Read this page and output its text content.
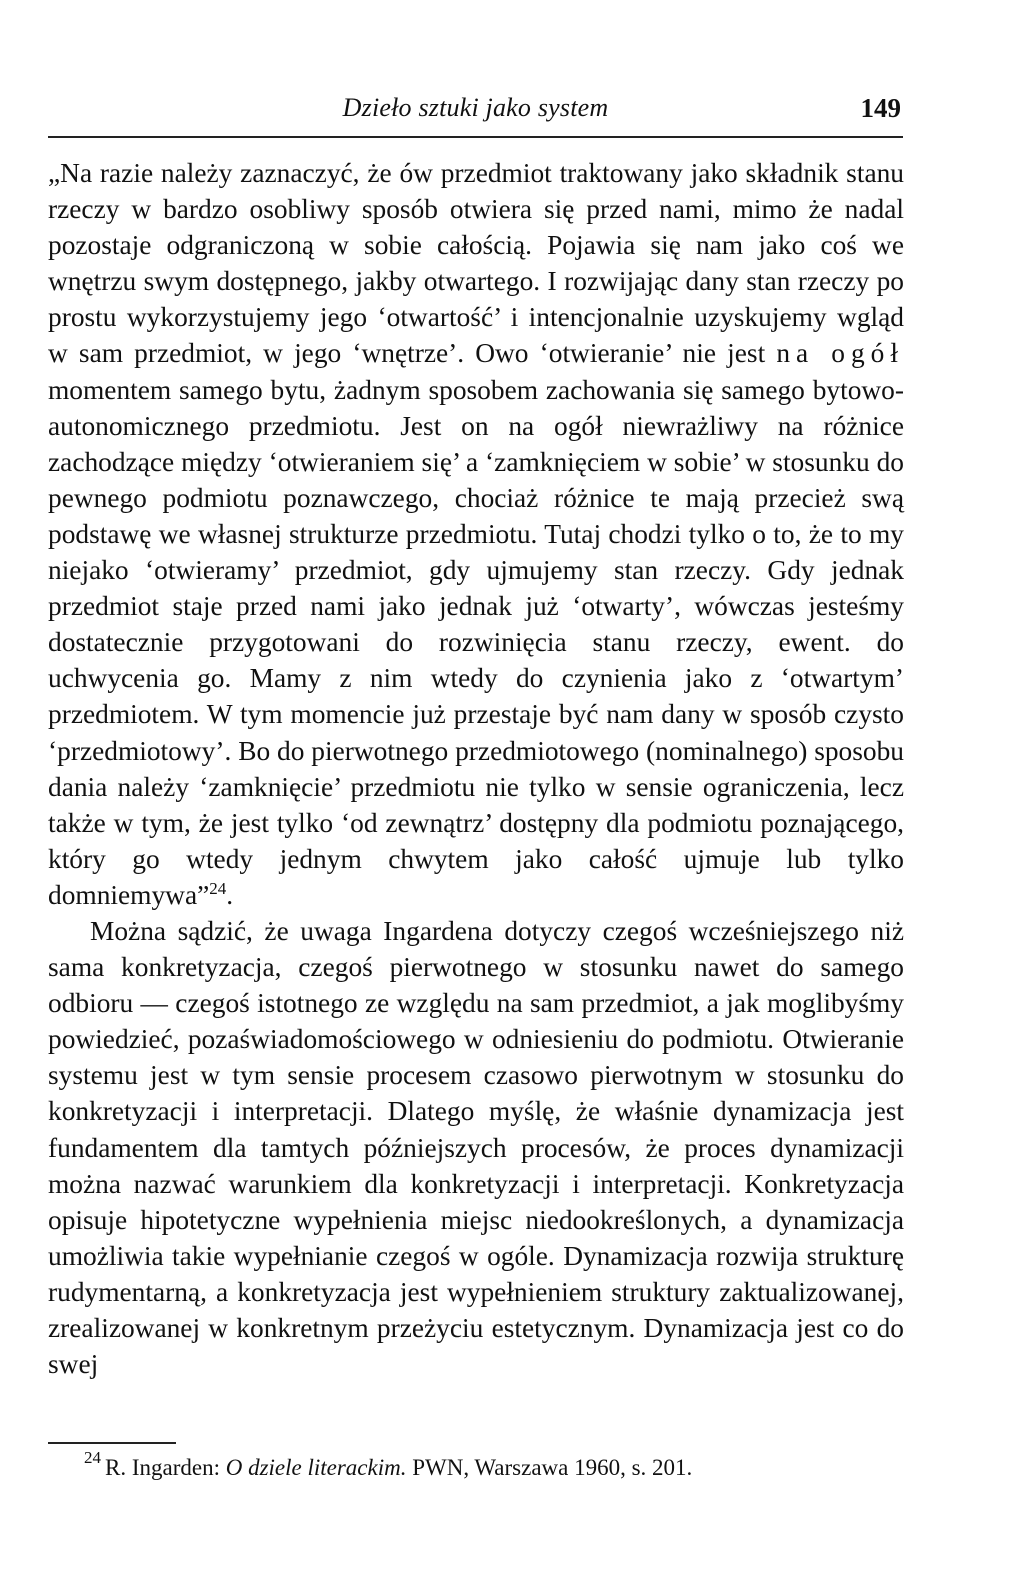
Dzieło sztuki jako system	149

„Na razie należy zaznaczyć, że ów przedmiot traktowany jako składnik stanu rzeczy w bardzo osobliwy sposób otwiera się przed nami, mimo że nadal pozostaje odgraniczoną w sobie całością. Pojawia się nam jako coś we wnętrzu swym dostępnego, jakby otwartego. I rozwijając dany stan rzeczy po prostu wykorzystujemy jego ‘otwartość’ i intencjonalnie uzyskujemy wgląd w sam przedmiot, w jego ‘wnętrze’. Owo ‘otwieranie’ nie jest na ogół momentem samego bytu, żadnym sposobem zachowania się samego bytowo-autonomicznego przedmiotu. Jest on na ogół niewrażliwy na różnice zachodzące między ‘otwieraniem się’ a ‘zamknięciem w sobie’ w stosunku do pewnego podmiotu poznawczego, chociaż różnice te mają przecież swą podstawę we własnej strukturze przedmiotu. Tutaj chodzi tylko o to, że to my niejako ‘otwieramy’ przedmiot, gdy ujmujemy stan rzeczy. Gdy jednak przedmiot staje przed nami jako jednak już ‘otwarty’, wówczas jesteśmy dostatecznie przygotowani do rozwinięcia stanu rzeczy, ewent. do uchwycenia go. Mamy z nim wtedy do czynienia jako z ‘otwartym’ przedmiotem. W tym momencie już przestaje być nam dany w sposób czysto ‘przedmiotowy’. Bo do pierwotnego przedmiotowego (nominalnego) sposobu dania należy ‘zamknięcie’ przedmiotu nie tylko w sensie ograniczenia, lecz także w tym, że jest tylko ‘od zewnątrz’ dostępny dla podmiotu poznającego, który go wtedy jednym chwytem jako całość ujmuje lub tylko domniemywa”$^{24}$.

Można sądzić, że uwaga Ingardena dotyczy czegoś wcześniejszego niż sama konkretyzacja, czegoś pierwotnego w stosunku nawet do samego odbioru — czegoś istotnego ze względu na sam przedmiot, a jak moglibyśmy powiedzieć, pozaświadomościowego w odniesieniu do podmiotu. Otwieranie systemu jest w tym sensie procesem czasowo pierwotnym w stosunku do konkretyzacji i interpretacji. Dlatego myślę, że właśnie dynamizacja jest fundamentem dla tamtych późniejszych procesów, że proces dynamizacji można nazwać warunkiem dla konkretyzacji i interpretacji. Konkretyzacja opisuje hipotetyczne wypełnienia miejsc niedookreślonych, a dynamizacja umożliwia takie wypełnianie czegoś w ogóle. Dynamizacja rozwija strukturę rudymentarną, a konkretyzacja jest wypełnieniem struktury zaktualizowanej, zrealizowanej w konkretnym przeżyciu estetycznym. Dynamizacja jest co do swej

$^{24}$ R. Ingarden: O dziele literackim. PWN, Warszawa 1960, s. 201.
